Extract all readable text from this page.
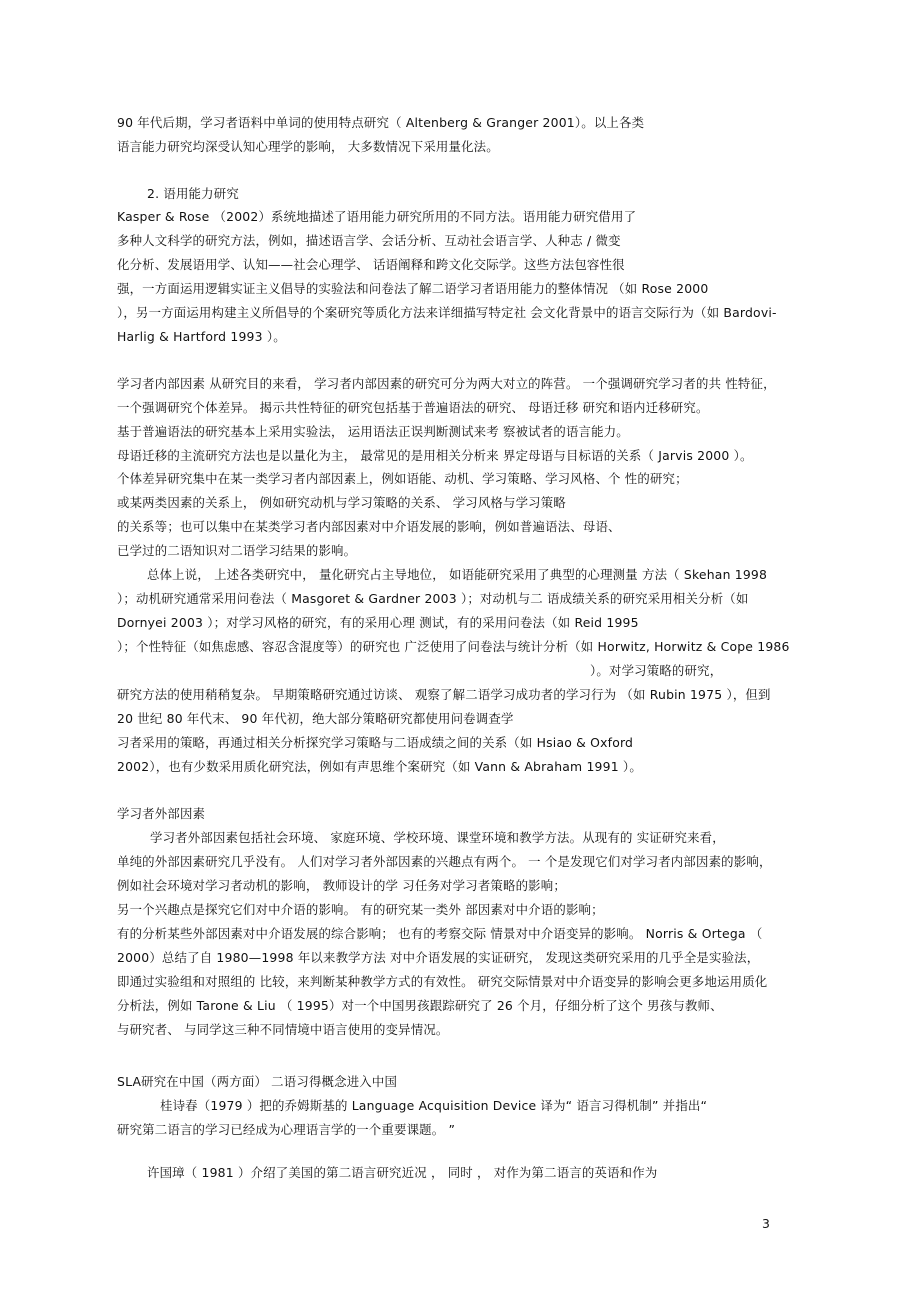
90 年代后期，学习者语料中单词的使用特点研究（ Altenberg & Granger 2001）。以上各类
语言能力研究均深受认知心理学的影响， 大多数情况下采用量化法。
2. 语用能力研究
Kasper & Rose （2002）系统地描述了语用能力研究所用的不同方法。语用能力研究借用了
多种人文科学的研究方法，例如，描述语言学、会话分析、互动社会语言学、人种志 / 微变
化分析、发展语用学、认知——社会心理学、 话语阐释和跨文化交际学。这些方法包容性很
强，一方面运用逻辑实证主义倡导的实验法和问卷法了解二语学习者语用能力的整体情况 （如 Rose 2000
），另一方面运用构建主义所倡导的个案研究等质化方法来详细描写特定社 会文化背景中的语言交际行为（如 Bardovi-
Harlig & Hartford 1993 ）。
学习者内部因素 从研究目的来看， 学习者内部因素的研究可分为两大对立的阵营。 一个强调研究学习者的共 性特征，
一个强调研究个体差异。 揭示共性特征的研究包括基于普遍语法的研究、 母语迁移 研究和语内迁移研究。
基于普遍语法的研究基本上采用实验法， 运用语法正误判断测试来考 察被试者的语言能力。
母语迁移的主流研究方法也是以量化为主， 最常见的是用相关分析来 界定母语与目标语的关系（ Jarvis 2000 ）。
个体差异研究集中在某一类学习者内部因素上，例如语能、动机、学习策略、学习风格、个 性的研究；
或某两类因素的关系上， 例如研究动机与学习策略的关系、 学习风格与学习策略
的关系等；也可以集中在某类学习者内部因素对中介语发展的影响，例如普遍语法、母语、
已学过的二语知识对二语学习结果的影响。
总体上说， 上述各类研究中， 量化研究占主导地位， 如语能研究采用了典型的心理测量 方法（ Skehan 1998
）；动机研究通常采用问卷法（ Masgoret & Gardner 2003 ）；对动机与二 语成绩关系的研究采用相关分析（如
Dornyei 2003 ）；对学习风格的研究，有的采用心理 测试，有的采用问卷法（如 Reid 1995
）；个性特征（如焦虑感、容忍含混度等）的研究也 广泛使用了问卷法与统计分析（如 Horwitz, Horwitz & Cope 1986
）。对学习策略的研究，
研究方法的使用稍稍复杂。 早期策略研究通过访谈、 观察了解二语学习成功者的学习行为 （如 Rubin 1975 ），但到
20 世纪 80 年代末、 90 年代初，绝大部分策略研究都使用问卷调查学
习者采用的策略，再通过相关分析探究学习策略与二语成绩之间的关系（如 Hsiao & Oxford
2002），也有少数采用质化研究法，例如有声思维个案研究（如 Vann & Abraham 1991 ）。
学习者外部因素
学习者外部因素包括社会环境、 家庭环境、学校环境、课堂环境和教学方法。从现有的 实证研究来看，
单纯的外部因素研究几乎没有。 人们对学习者外部因素的兴趣点有两个。 一 个是发现它们对学习者内部因素的影响，
例如社会环境对学习者动机的影响， 教师设计的学 习任务对学习者策略的影响；
另一个兴趣点是探究它们对中介语的影响。 有的研究某一类外 部因素对中介语的影响；
有的分析某些外部因素对中介语发展的综合影响； 也有的考察交际 情景对中介语变异的影响。 Norris & Ortega （
2000）总结了自 1980—1998 年以来教学方法 对中介语发展的实证研究， 发现这类研究采用的几乎全是实验法，
即通过实验组和对照组的 比较，来判断某种教学方式的有效性。 研究交际情景对中介语变异的影响会更多地运用质化
分析法，例如 Tarone & Liu （ 1995）对一个中国男孩跟踪研究了 26 个月，仔细分析了这个 男孩与教师、
与研究者、 与同学这三种不同情境中语言使用的变异情况。
SLA研究在中国（两方面） 二语习得概念进入中国
桂诗春（1979 ）把的乔姆斯基的 Language Acquisition Device 译为“ 语言习得机制” 并指出“
研究第二语言的学习已经成为心理语言学的一个重要课题。 ”
许国璋（ 1981 ）介绍了美国的第二语言研究近况 ， 同时 ， 对作为第二语言的英语和作为
3
